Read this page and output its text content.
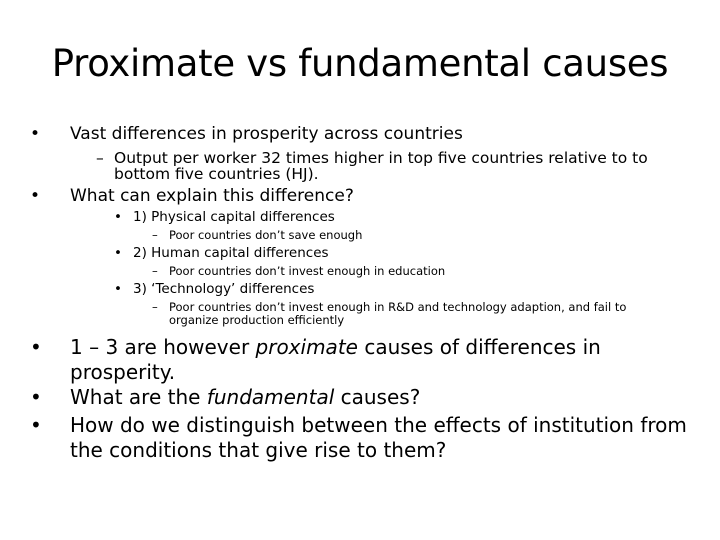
Proximate vs fundamental causes
• Vast differences in prosperity across countries
– Output per worker 32 times higher in top five countries relative to to
bottom five countries (HJ).
• What can explain this difference?
• 1) Physical capital differences
– Poor countries don’t save enough
• 2) Human capital differences
– Poor countries don’t invest enough in education
• 3) ‘Technology’ differences
– Poor countries don’t invest enough in R&D and technology adaption, and fail to
organize production efficiently
• 1 – 3 are however proximate causes of differences in
prosperity.
• What are the fundamental causes?
• How do we distinguish between the effects of institution from
the conditions that give rise to them?
